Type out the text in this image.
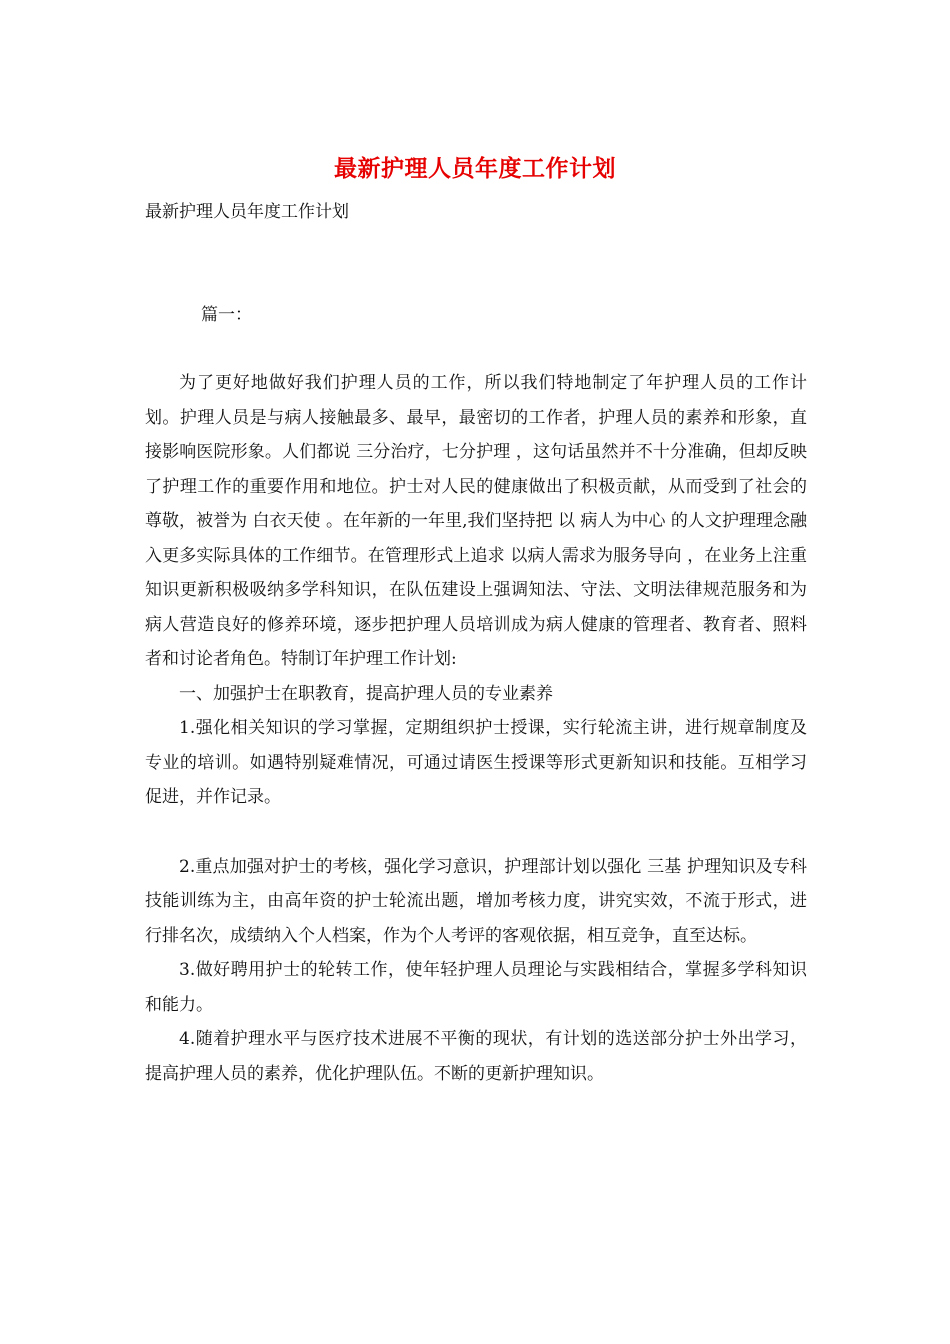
最新护理人员年度工作计划
最新护理人员年度工作计划
篇一：

为了更好地做好我们护理人员的工作，所以我们特地制定了年护理人员的工作计划。护理人员是与病人接触最多、最早，最密切的工作者，护理人员的素养和形象，直接影响医院形象。人们都说 三分治疗，七分护理 ，这句话虽然并不十分准确，但却反映了护理工作的重要作用和地位。护士对人民的健康做出了积极贡献，从而受到了社会的尊敬，被誉为 白衣天使 。在年新的一年里,我们坚持把 以 病人为中心 的人文护理理念融入更多实际具体的工作细节。在管理形式上追求 以病人需求为服务导向 ，在业务上注重知识更新积极吸纳多学科知识，在队伍建设上强调知法、守法、文明法律规范服务和为病人营造良好的修养环境，逐步把护理人员培训成为病人健康的管理者、教育者、照料者和讨论者角色。特制订年护理工作计划:

一、加强护士在职教育，提高护理人员的专业素养

1.强化相关知识的学习掌握，定期组织护士授课，实行轮流主讲，进行规章制度及专业的培训。如遇特别疑难情况，可通过请医生授课等形式更新知识和技能。互相学习促进，并作记录。

2.重点加强对护士的考核，强化学习意识，护理部计划以强化 三基 护理知识及专科技能训练为主，由高年资的护士轮流出题，增加考核力度，讲究实效，不流于形式，进行排名次，成绩纳入个人档案，作为个人考评的客观依据，相互竞争，直至达标。

3.做好聘用护士的轮转工作，使年轻护理人员理论与实践相结合，掌握多学科知识和能力。

4.随着护理水平与医疗技术进展不平衡的现状，有计划的选送部分护士外出学习，提高护理人员的素养，优化护理队伍。不断的更新护理知识。
